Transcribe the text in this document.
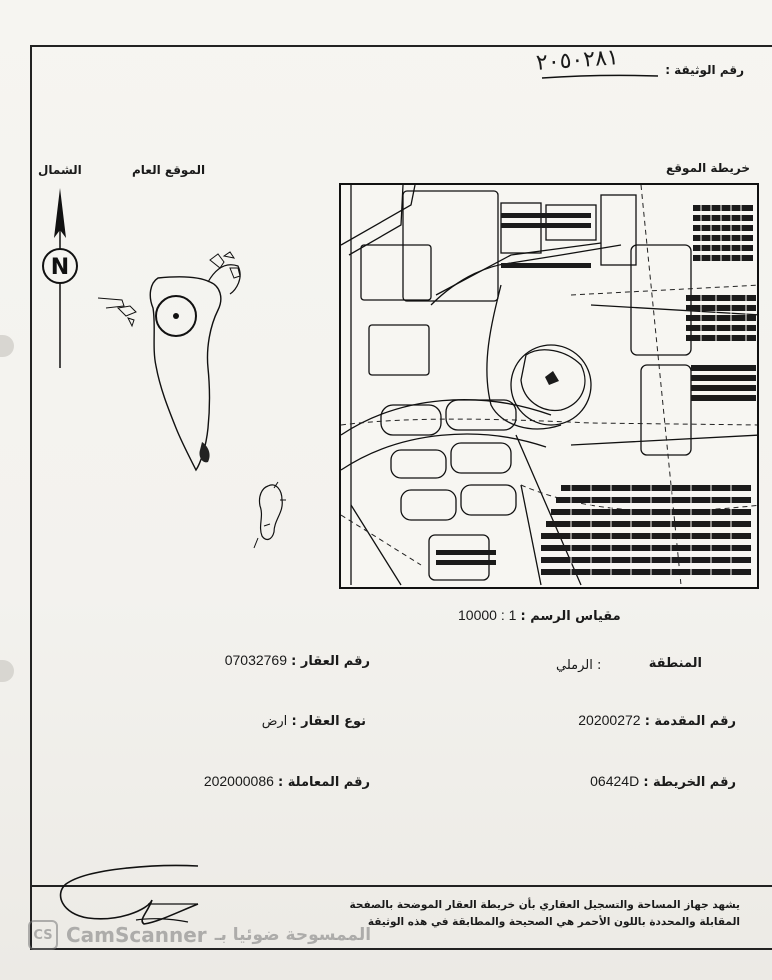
رقم الوثيقة :
٢٠٥٠٢٨١
الشمال	الموقع العام	خريطة الموقع
N
مقياس الرسم : 10000 : 1
المنطقة
: الرملي
رقم المقدمة : 20200272
رقم الخريطة : 06424D
رقم العقار : 07032769
نوع العقار : ارض
رقم المعاملة : 202000086
يشهد جهاز المساحة والتسجيل العقاري بأن خريطة العقار الموضحة بالصفحة
المقابلة والمحددة باللون الأحمر هي الصحيحة والمطابقة في هذه الوثيقة
CS CamScanner الممسوحة ضوئيا بـ
